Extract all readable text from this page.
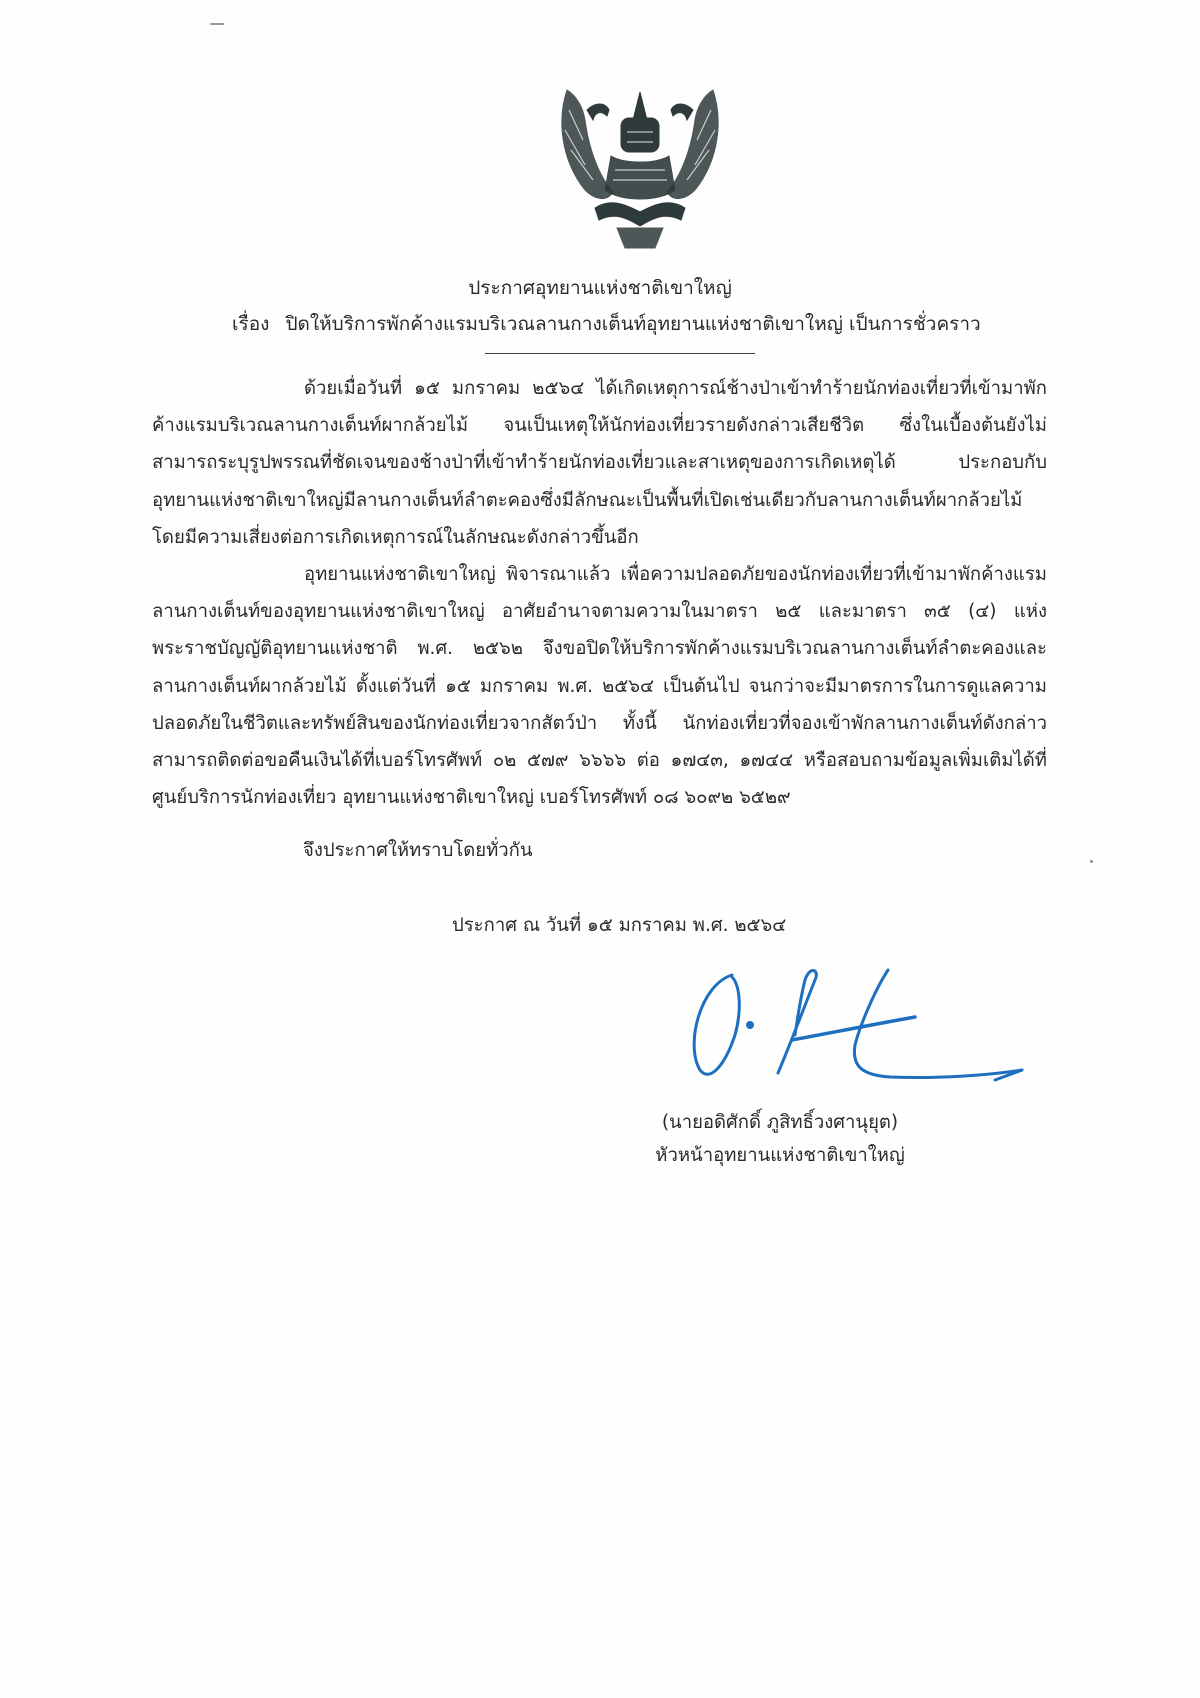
ประกาศอุทยานแห่งชาติเขาใหญ่
เรื่อง ปิดให้บริการพักค้างแรมบริเวณลานกางเต็นท์อุทยานแห่งชาติเขาใหญ่ เป็นการชั่วคราว
ด้วยเมื่อวันที่ ๑๕ มกราคม ๒๕๖๔ ได้เกิดเหตุการณ์ช้างป่าเข้าทำร้ายนักท่องเที่ยวที่เข้ามาพัก
ค้างแรมบริเวณลานกางเต็นท์ผากล้วยไม้ จนเป็นเหตุให้นักท่องเที่ยวรายดังกล่าวเสียชีวิต ซึ่งในเบื้องต้นยังไม่
สามารถระบุรูปพรรณที่ชัดเจนของช้างป่าที่เข้าทำร้ายนักท่องเที่ยวและสาเหตุของการเกิดเหตุได้ ประกอบกับ
อุทยานแห่งชาติเขาใหญ่มีลานกางเต็นท์ลำตะคองซึ่งมีลักษณะเป็นพื้นที่เปิดเช่นเดียวกับลานกางเต็นท์ผากล้วยไม้
โดยมีความเสี่ยงต่อการเกิดเหตุการณ์ในลักษณะดังกล่าวขึ้นอีก
อุทยานแห่งชาติเขาใหญ่ พิจารณาแล้ว เพื่อความปลอดภัยของนักท่องเที่ยวที่เข้ามาพักค้างแรม
ลานกางเต็นท์ของอุทยานแห่งชาติเขาใหญ่ อาศัยอำนาจตามความในมาตรา ๒๕ และมาตรา ๓๕ (๔) แห่ง
พระราชบัญญัติอุทยานแห่งชาติ พ.ศ. ๒๕๖๒ จึงขอปิดให้บริการพักค้างแรมบริเวณลานกางเต็นท์ลำตะคองและ
ลานกางเต็นท์ผากล้วยไม้ ตั้งแต่วันที่ ๑๕ มกราคม พ.ศ. ๒๕๖๔ เป็นต้นไป จนกว่าจะมีมาตรการในการดูแลความ
ปลอดภัยในชีวิตและทรัพย์สินของนักท่องเที่ยวจากสัตว์ป่า ทั้งนี้ นักท่องเที่ยวที่จองเข้าพักลานกางเต็นท์ดังกล่าว
สามารถติดต่อขอคืนเงินได้ที่เบอร์โทรศัพท์ ๐๒ ๕๗๙ ๖๖๖๖ ต่อ ๑๗๔๓, ๑๗๔๔ หรือสอบถามข้อมูลเพิ่มเติมได้ที่
ศูนย์บริการนักท่องเที่ยว อุทยานแห่งชาติเขาใหญ่ เบอร์โทรศัพท์ ๐๘ ๖๐๙๒ ๖๕๒๙
จึงประกาศให้ทราบโดยทั่วกัน
ประกาศ ณ วันที่ ๑๕ มกราคม พ.ศ. ๒๕๖๔
(นายอดิศักดิ์ ภูสิทธิ์วงศานุยุต)
หัวหน้าอุทยานแห่งชาติเขาใหญ่
